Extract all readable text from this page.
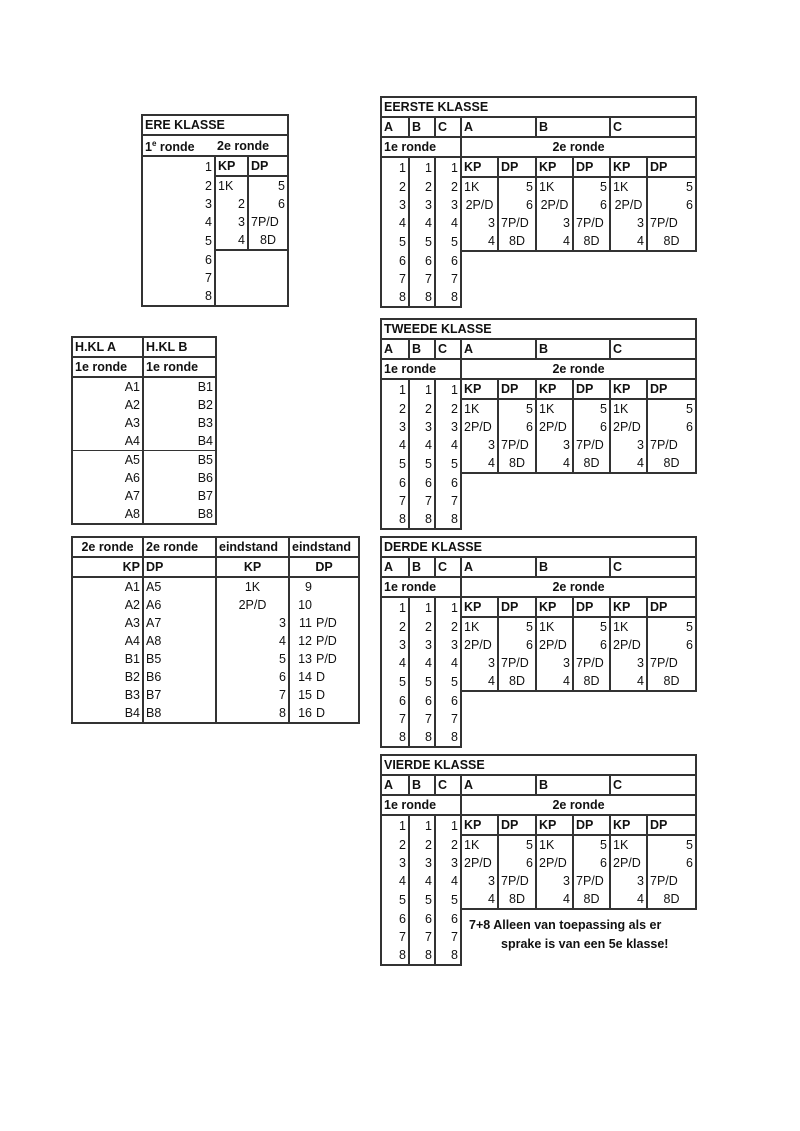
ERE KLASSE		
1e ronde	2e ronde	
1	KP	DP
2	1K	5
3	2	6
4	3	7P/D
5	4	8D
6		
7		
8		
H.KL A	H.KL B
1e ronde	1e ronde
A1	B1
A2	B2
A3	B3
A4	B4
A5	B5
A6	B6
A7	B7
A8	B8
2e ronde	2e ronde	eindstand	eindstand	
KP	DP	KP	DP	
A1	A5	1K	9	
A2	A6	2P/D	10	
A3	A7	3	11	P/D
A4	A8	4	12	P/D
B1	B5	5	13	P/D
B2	B6	6	14	D
B3	B7	7	15	D
B4	B8	8	16	D
EERSTE KLASSE								
A	B	C	A		B		C	
1e ronde			2e ronde					
1	1	1	KP	DP	KP	DP	KP	DP
2	2	2	1K	5	1K	5	1K	5
3	3	3	2P/D	6	2P/D	6	2P/D	6
4	4	4	3	7P/D	3	7P/D	3	7P/D
5	5	5	4	8D	4	8D	4	8D
6	6	6						
7	7	7						
8	8	8						
TWEEDE KLASSE								
A	B	C	A		B		C	
1e ronde			2e ronde					
1	1	1	KP	DP	KP	DP	KP	DP
2	2	2	1K	5	1K	5	1K	5
3	3	3	2P/D	6	2P/D	6	2P/D	6
4	4	4	3	7P/D	3	7P/D	3	7P/D
5	5	5	4	8D	4	8D	4	8D
6	6	6						
7	7	7						
8	8	8						
DERDE KLASSE								
A	B	C	A		B		C	
1e ronde			2e ronde					
1	1	1	KP	DP	KP	DP	KP	DP
2	2	2	1K	5	1K	5	1K	5
3	3	3	2P/D	6	2P/D	6	2P/D	6
4	4	4	3	7P/D	3	7P/D	3	7P/D
5	5	5	4	8D	4	8D	4	8D
6	6	6						
7	7	7						
8	8	8						
VIERDE KLASSE								
A	B	C	A		B		C	
1e ronde			2e ronde					
1	1	1	KP	DP	KP	DP	KP	DP
2	2	2	1K	5	1K	5	1K	5
3	3	3	2P/D	6	2P/D	6	2P/D	6
4	4	4	3	7P/D	3	7P/D	3	7P/D
5	5	5	4	8D	4	8D	4	8D
6	6	6						
7	7	7						
8	8	8						
7+8 Alleen van toepassing als er
sprake is van een 5e klasse!
